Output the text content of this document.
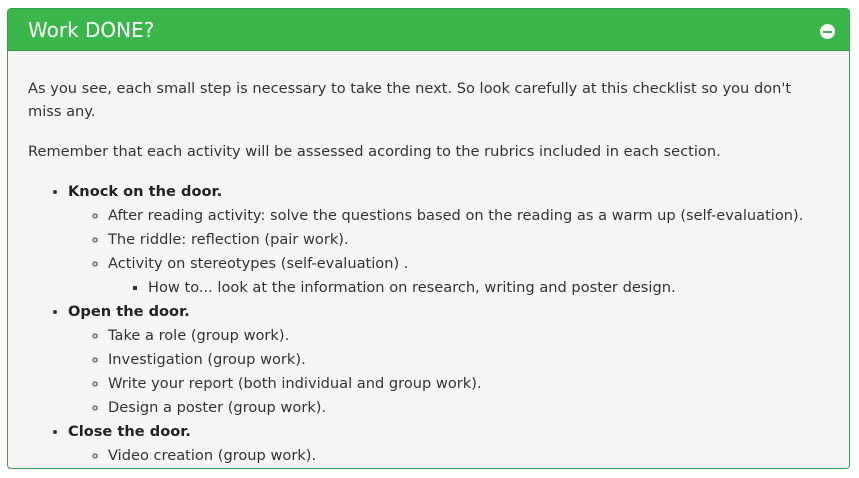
Work DONE?

As you see, each small step is necessary to take the next. So look carefully at this checklist so you don't miss any.

Remember that each activity will be assessed acording to the rubrics included in each section.

• Knock on the door.
◦ After reading activity: solve the questions based on the reading as a warm up (self-evaluation).
◦ The riddle: reflection (pair work).
◦ Activity on stereotypes (self-evaluation) .
▪ How to... look at the information on research, writing and poster design.
• Open the door.
◦ Take a role (group work).
◦ Investigation (group work).
◦ Write your report (both individual and group work).
◦ Design a poster (group work).
• Close the door.
◦ Video creation (group work).
